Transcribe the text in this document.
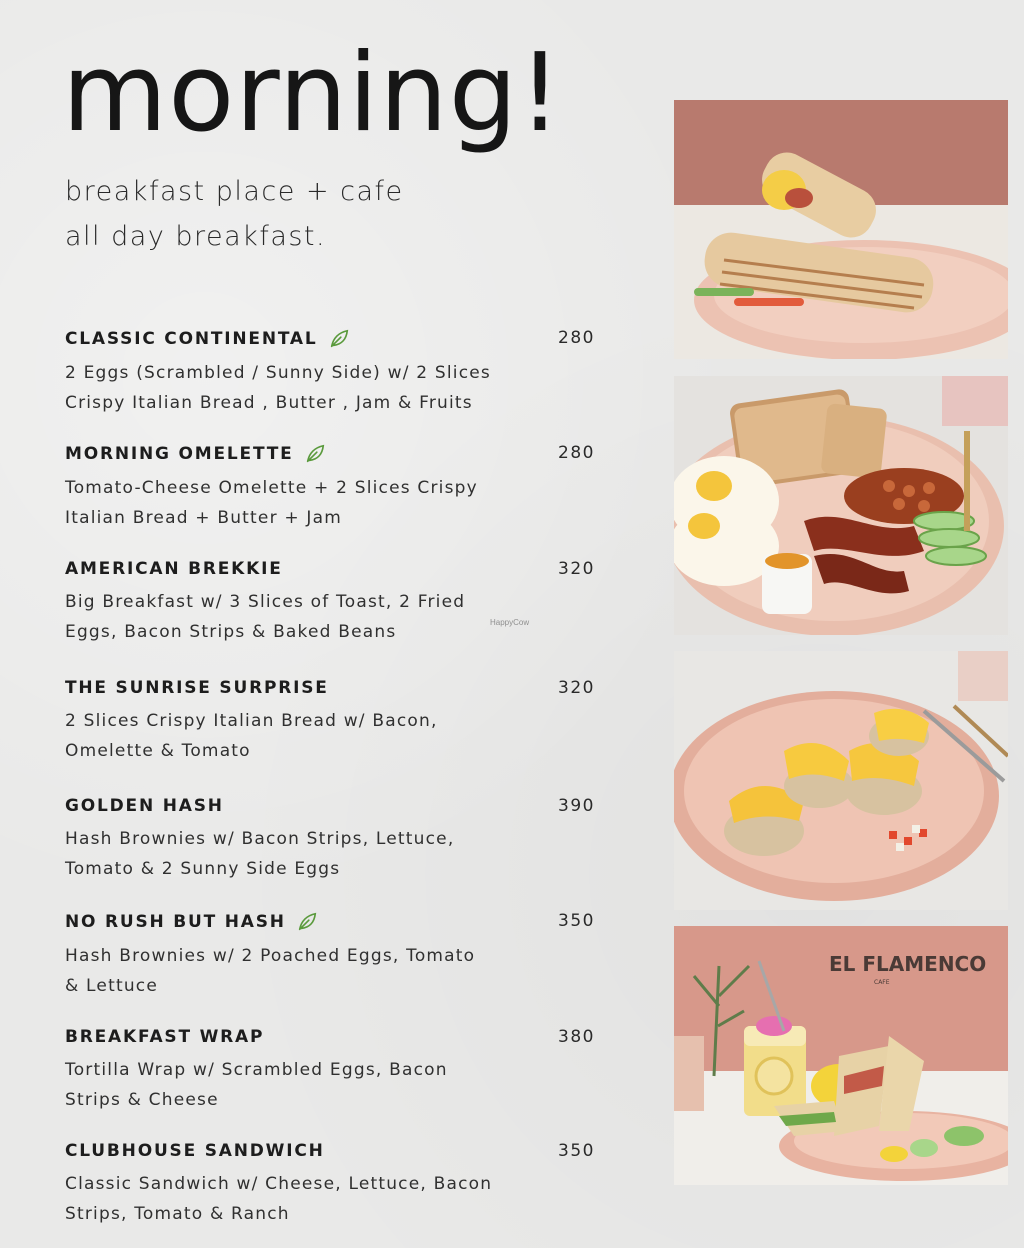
morning!
breakfast place + cafe
all day breakfast.
CLASSIC CONTINENTAL	280
2 Eggs (Scrambled / Sunny Side) w/ 2 Slices
Crispy Italian Bread , Butter , Jam & Fruits
MORNING OMELETTE	280
Tomato-Cheese Omelette + 2 Slices Crispy
Italian Bread + Butter + Jam
AMERICAN BREKKIE	320
Big Breakfast w/ 3 Slices of Toast, 2 Fried
Eggs, Bacon Strips & Baked Beans
THE SUNRISE SURPRISE	320
2 Slices Crispy Italian Bread w/ Bacon,
Omelette & Tomato
GOLDEN HASH	390
Hash Brownies w/ Bacon Strips, Lettuce,
Tomato & 2 Sunny Side Eggs
NO RUSH BUT HASH	350
Hash Brownies w/ 2 Poached Eggs, Tomato
& Lettuce
BREAKFAST WRAP	380
Tortilla Wrap w/ Scrambled Eggs, Bacon
Strips & Cheese
CLUBHOUSE SANDWICH	350
Classic Sandwich w/ Cheese, Lettuce, Bacon
Strips, Tomato & Ranch
HappyCow
EL FLAMENCO
CAFE
